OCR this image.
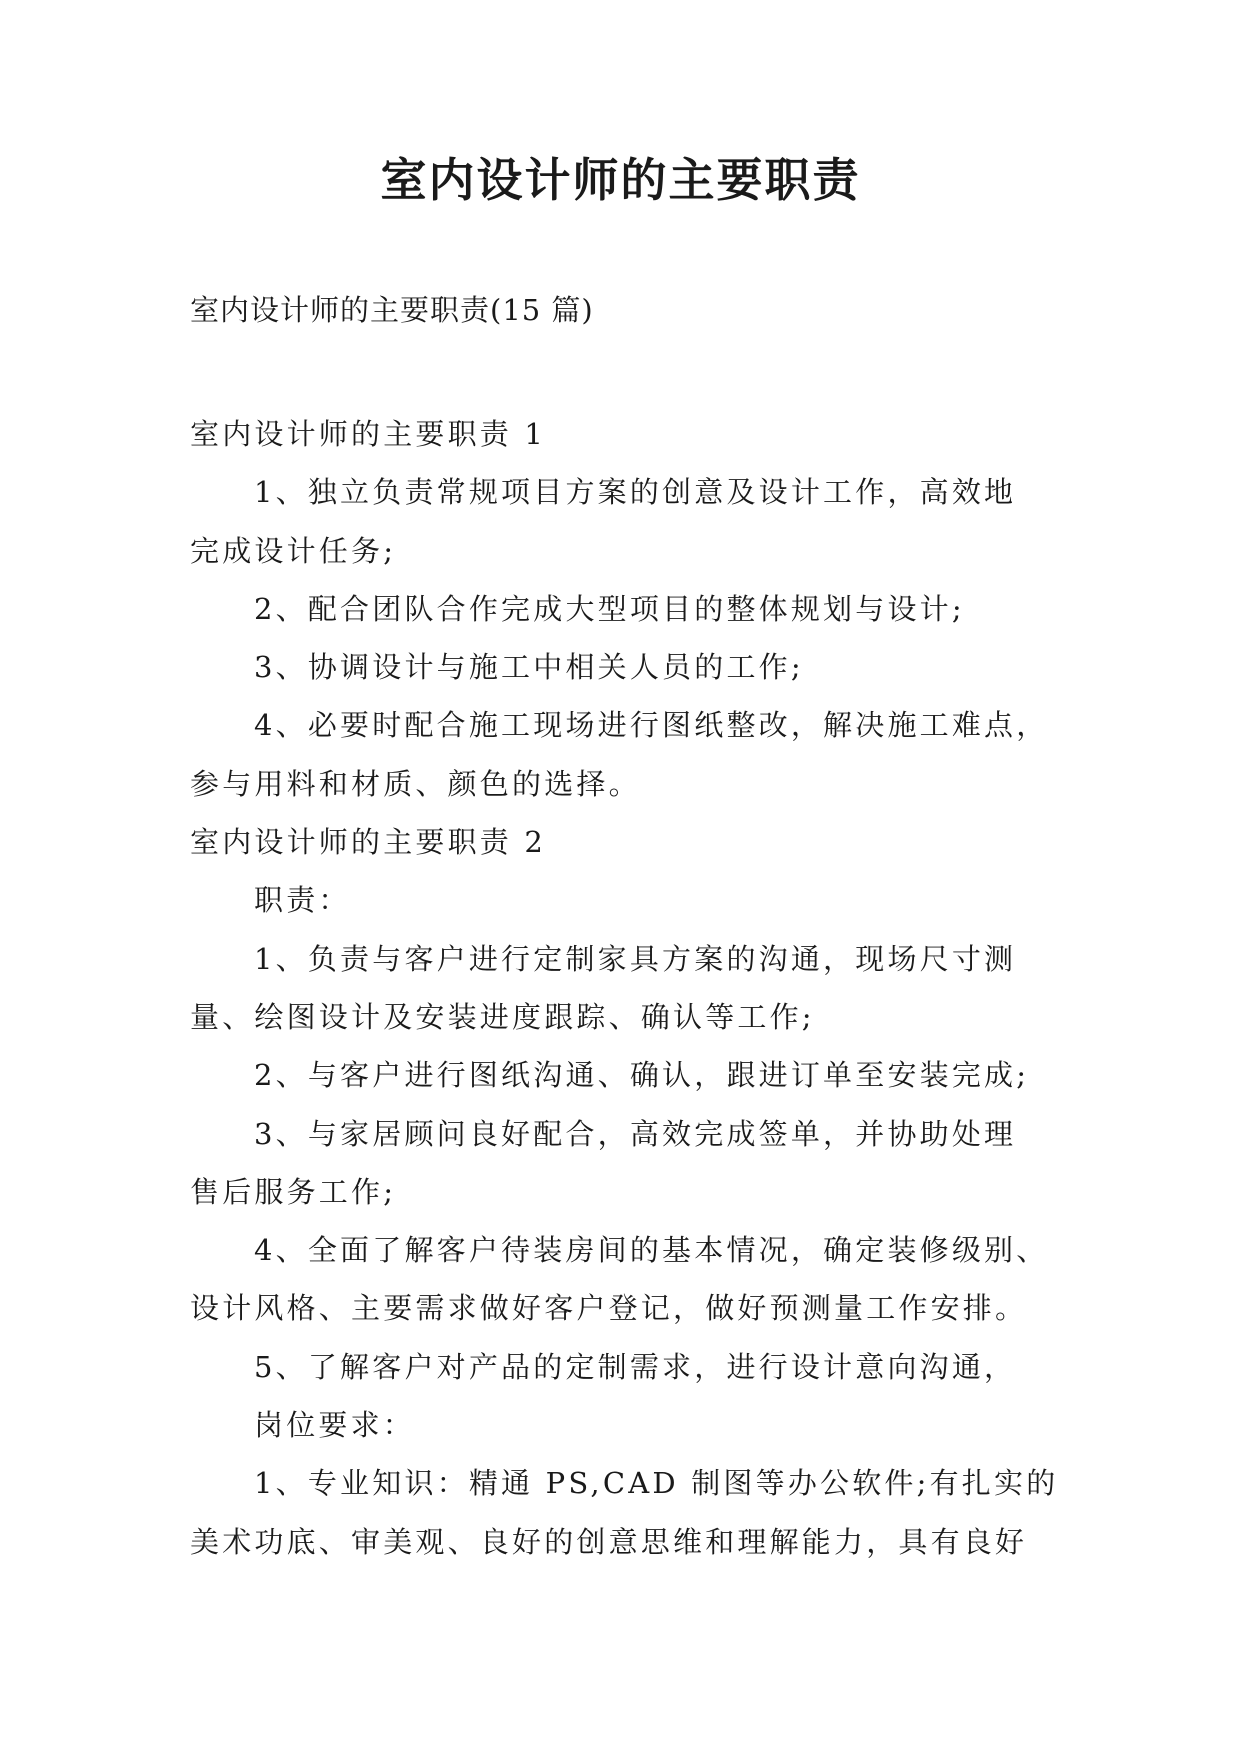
室内设计师的主要职责
室内设计师的主要职责(15 篇)
室内设计师的主要职责 1
1、独立负责常规项目方案的创意及设计工作，高效地
完成设计任务;
2、配合团队合作完成大型项目的整体规划与设计;
3、协调设计与施工中相关人员的工作;
4、必要时配合施工现场进行图纸整改，解决施工难点，
参与用料和材质、颜色的选择。
室内设计师的主要职责 2
职责：
1、负责与客户进行定制家具方案的沟通，现场尺寸测
量、绘图设计及安装进度跟踪、确认等工作;
2、与客户进行图纸沟通、确认，跟进订单至安装完成;
3、与家居顾问良好配合，高效完成签单，并协助处理
售后服务工作;
4、全面了解客户待装房间的基本情况，确定装修级别、
设计风格、主要需求做好客户登记，做好预测量工作安排。
5、了解客户对产品的定制需求，进行设计意向沟通，
岗位要求：
1、专业知识：精通 PS,CAD 制图等办公软件;有扎实的
美术功底、审美观、良好的创意思维和理解能力，具有良好
